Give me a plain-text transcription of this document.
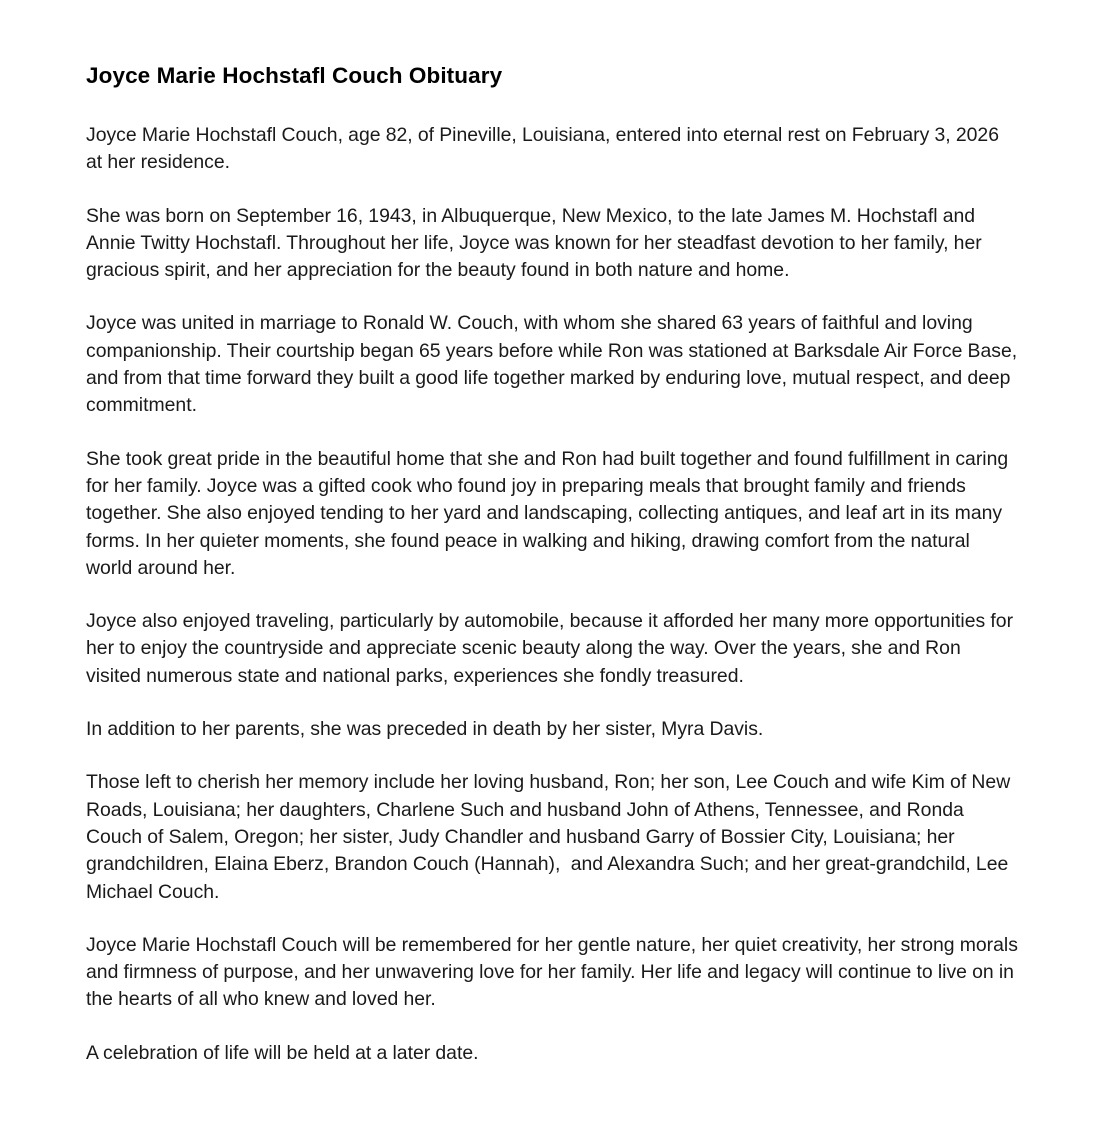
Joyce Marie Hochstafl Couch Obituary

Joyce Marie Hochstafl Couch, age 82, of Pineville, Louisiana, entered into eternal rest on February 3, 2026 at her residence.

She was born on September 16, 1943, in Albuquerque, New Mexico, to the late James M. Hochstafl and Annie Twitty Hochstafl. Throughout her life, Joyce was known for her steadfast devotion to her family, her gracious spirit, and her appreciation for the beauty found in both nature and home.

Joyce was united in marriage to Ronald W. Couch, with whom she shared 63 years of faithful and loving companionship. Their courtship began 65 years before while Ron was stationed at Barksdale Air Force Base, and from that time forward they built a good life together marked by enduring love, mutual respect, and deep commitment.

She took great pride in the beautiful home that she and Ron had built together and found fulfillment in caring for her family. Joyce was a gifted cook who found joy in preparing meals that brought family and friends together. She also enjoyed tending to her yard and landscaping, collecting antiques, and leaf art in its many forms. In her quieter moments, she found peace in walking and hiking, drawing comfort from the natural world around her.

Joyce also enjoyed traveling, particularly by automobile, because it afforded her many more opportunities for her to enjoy the countryside and appreciate scenic beauty along the way. Over the years, she and Ron visited numerous state and national parks, experiences she fondly treasured.

In addition to her parents, she was preceded in death by her sister, Myra Davis.

Those left to cherish her memory include her loving husband, Ron; her son, Lee Couch and wife Kim of New Roads, Louisiana; her daughters, Charlene Such and husband John of Athens, Tennessee, and Ronda Couch of Salem, Oregon; her sister, Judy Chandler and husband Garry of Bossier City, Louisiana; her grandchildren, Elaina Eberz, Brandon Couch (Hannah),  and Alexandra Such; and her great-grandchild, Lee Michael Couch.

Joyce Marie Hochstafl Couch will be remembered for her gentle nature, her quiet creativity, her strong morals and firmness of purpose, and her unwavering love for her family. Her life and legacy will continue to live on in the hearts of all who knew and loved her.

A celebration of life will be held at a later date.
